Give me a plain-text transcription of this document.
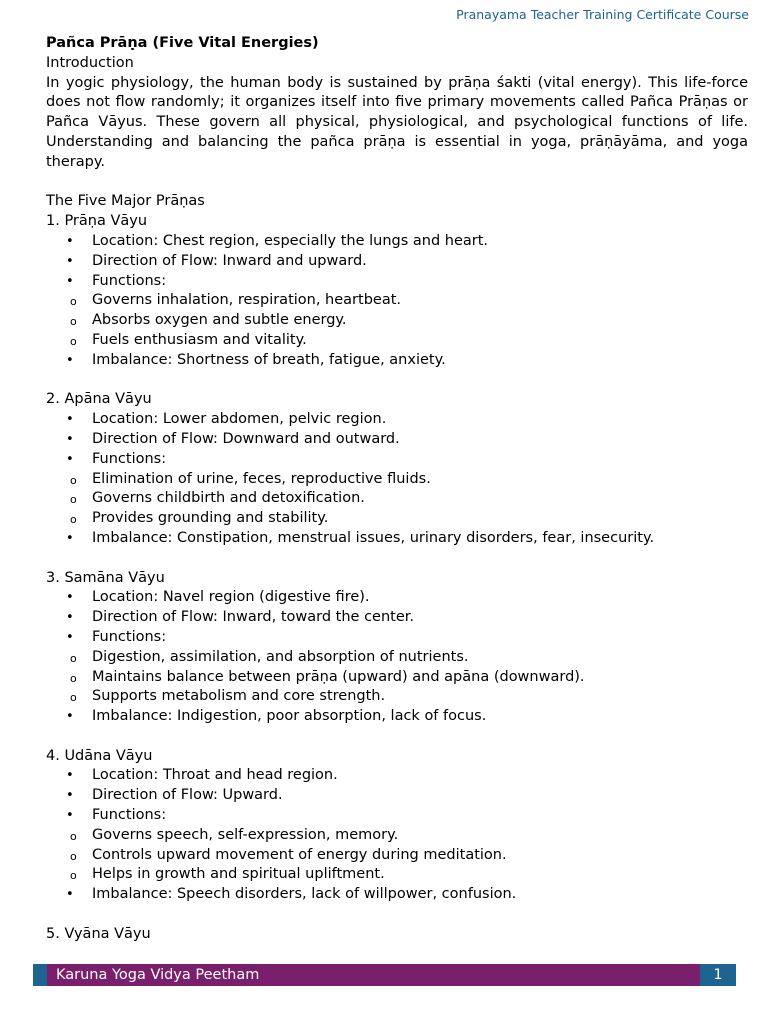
Pranayama Teacher Training Certificate Course
Pañca Prāṇa (Five Vital Energies)
Introduction
In yogic physiology, the human body is sustained by prāṇa śakti (vital energy). This life-force does not flow randomly; it organizes itself into five primary movements called Pañca Prāṇas or Pañca Vāyus. These govern all physical, physiological, and psychological functions of life. Understanding and balancing the pañca prāṇa is essential in yoga, prāṇāyāma, and yoga therapy.
The Five Major Prāṇas
1. Prāṇa Vāyu
• Location: Chest region, especially the lungs and heart.
• Direction of Flow: Inward and upward.
• Functions:
o Governs inhalation, respiration, heartbeat.
o Absorbs oxygen and subtle energy.
o Fuels enthusiasm and vitality.
• Imbalance: Shortness of breath, fatigue, anxiety.
2. Apāna Vāyu
• Location: Lower abdomen, pelvic region.
• Direction of Flow: Downward and outward.
• Functions:
o Elimination of urine, feces, reproductive fluids.
o Governs childbirth and detoxification.
o Provides grounding and stability.
• Imbalance: Constipation, menstrual issues, urinary disorders, fear, insecurity.
3. Samāna Vāyu
• Location: Navel region (digestive fire).
• Direction of Flow: Inward, toward the center.
• Functions:
o Digestion, assimilation, and absorption of nutrients.
o Maintains balance between prāṇa (upward) and apāna (downward).
o Supports metabolism and core strength.
• Imbalance: Indigestion, poor absorption, lack of focus.
4. Udāna Vāyu
• Location: Throat and head region.
• Direction of Flow: Upward.
• Functions:
o Governs speech, self-expression, memory.
o Controls upward movement of energy during meditation.
o Helps in growth and spiritual upliftment.
• Imbalance: Speech disorders, lack of willpower, confusion.
5. Vyāna Vāyu
Karuna Yoga Vidya Peetham	1
